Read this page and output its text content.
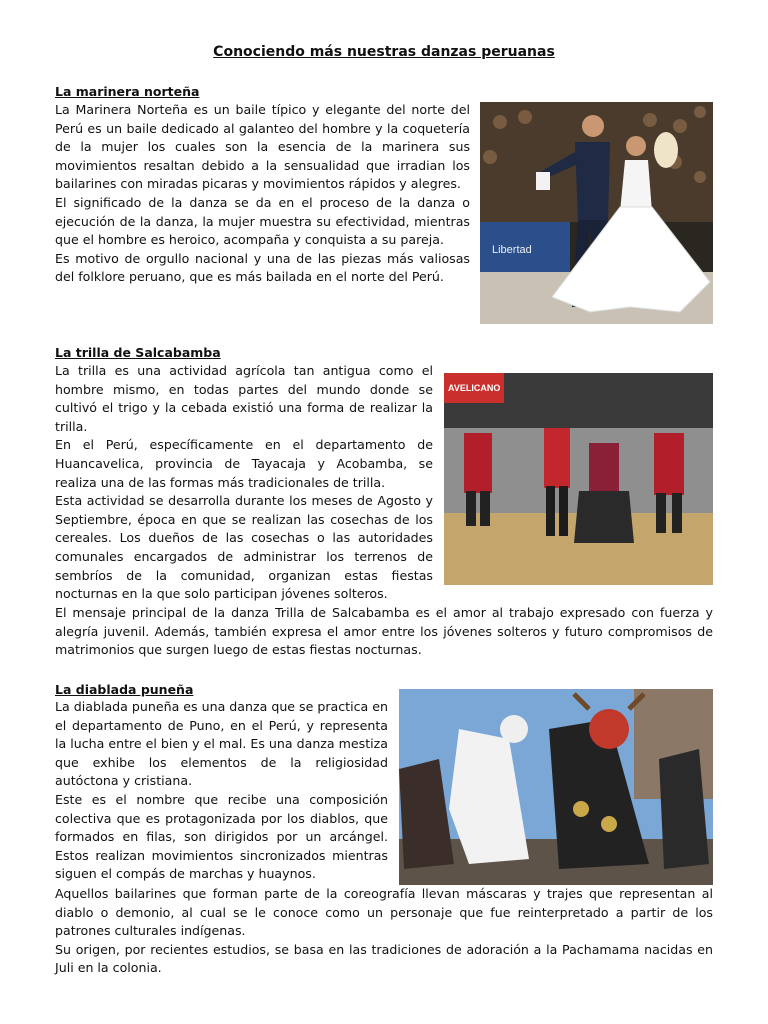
Conociendo más nuestras danzas peruanas
La marinera norteña

La Marinera Norteña es un baile típico y elegante del norte del Perú es un baile dedicado al galanteo del hombre y la coquetería de la mujer los cuales son la esencia de la marinera sus movimientos resaltan debido a la sensualidad que irradian los bailarines con miradas picaras y movimientos rápidos y alegres.

El significado de la danza se da en el proceso de la danza o ejecución de la danza, la mujer muestra su efectividad, mientras que el hombre es heroico, acompaña y conquista a su pareja.

Es motivo de orgullo nacional y una de las piezas más valiosas del folklore peruano, que es más bailada en el norte del Perú.

Libertad
La trilla de Salcabamba

La trilla es una actividad agrícola tan antigua como el hombre mismo, en todas partes del mundo donde se cultivó el trigo y la cebada existió una forma de realizar la trilla.

En el Perú, específicamente en el departamento de Huancavelica, provincia de Tayacaja y Acobamba, se realiza una de las formas más tradicionales de trilla.

Esta actividad se desarrolla durante los meses de Agosto y Septiembre, época en que se realizan las cosechas de los cereales. Los dueños de las cosechas o las autoridades comunales encargados de administrar los terrenos de sembríos de la comunidad, organizan estas fiestas nocturnas en la que solo participan jóvenes solteros.

El mensaje principal de la danza Trilla de Salcabamba es el amor al trabajo expresado con fuerza y alegría juvenil. Además, también expresa el amor entre los jóvenes solteros y futuro compromisos de matrimonios que surgen luego de estas fiestas nocturnas.

AVELICANO
La diablada puneña

La diablada puneña es una danza que se practica en el departamento de Puno, en el Perú, y representa la lucha entre el bien y el mal. Es una danza mestiza que exhibe los elementos de la religiosidad autóctona y cristiana.

Este es el nombre que recibe una composición colectiva que es protagonizada por los diablos, que formados en filas, son dirigidos por un arcángel. Estos realizan movimientos sincronizados mientras siguen el compás de marchas y huaynos.

Aquellos bailarines que forman parte de la coreografía llevan máscaras y trajes que representan al diablo o demonio, al cual se le conoce como un personaje que fue reinterpretado a partir de los patrones culturales indígenas.

Su origen, por recientes estudios, se basa en las tradiciones de adoración a la Pachamama nacidas en Juli en la colonia.
